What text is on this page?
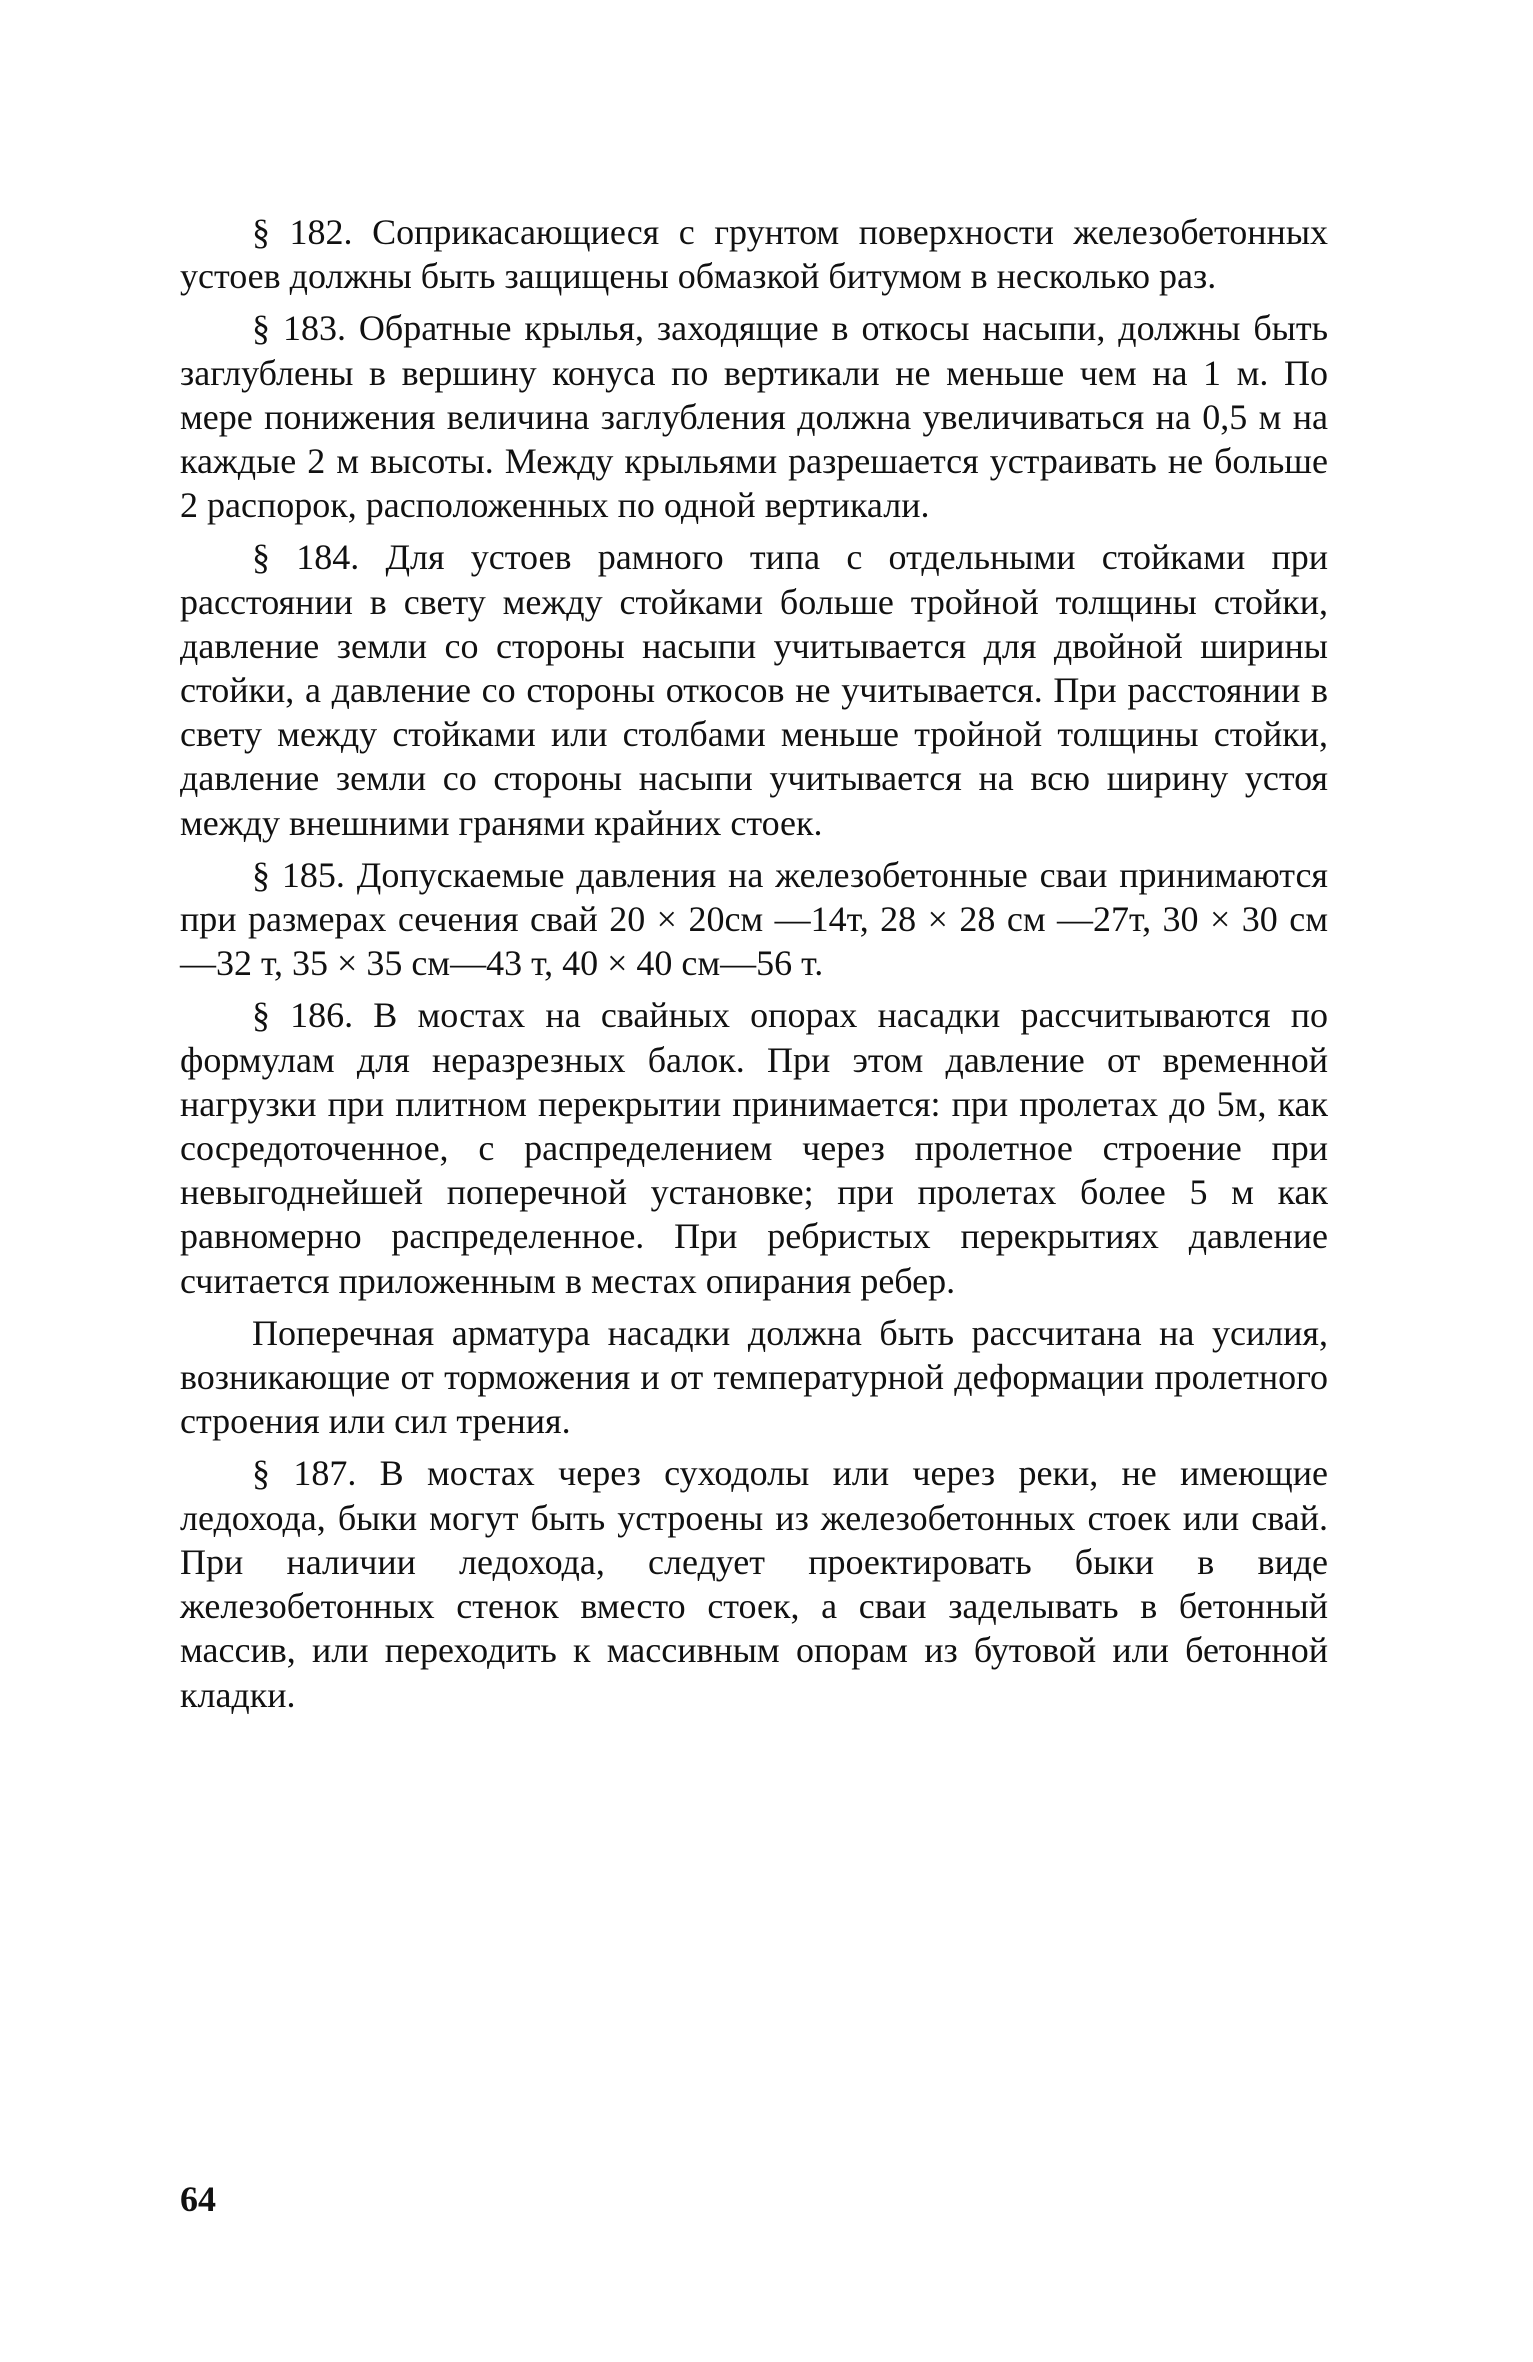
§ 182. Соприкасающиеся с грунтом поверхности железобетонных устоев должны быть защищены обмазкой битумом в несколько раз.

§ 183. Обратные крылья, заходящие в откосы насыпи, должны быть заглублены в вершину конуса по вертикали не меньше чем на 1 м. По мере понижения величина заглубления должна увеличиваться на 0,5 м на каждые 2 м высоты. Между крыльями разрешается устраивать не больше 2 распорок, расположенных по одной вертикали.

§ 184. Для устоев рамного типа с отдельными стойками при расстоянии в свету между стойками больше тройной толщины стойки, давление земли со стороны насыпи учитывается для двойной ширины стойки, а давление со стороны откосов не учитывается. При расстоянии в свету между стойками или столбами меньше тройной толщины стойки, давление земли со стороны насыпи учитывается на всю ширину устоя между внешними гранями крайних стоек.

§ 185. Допускаемые давления на железобетонные сваи принимаются при размерах сечения свай 20 × 20см —14т, 28 × 28 см —27т, 30 × 30 см —32 т, 35 × 35 см—43 т, 40 × 40 см—56 т.

§ 186. В мостах на свайных опорах насадки рассчитываются по формулам для неразрезных балок. При этом давление от временной нагрузки при плитном перекрытии принимается: при пролетах до 5м, как сосредоточенное, с распределением через пролетное строение при невыгоднейшей поперечной установке; при пролетах более 5 м как равномерно распределенное. При ребристых перекрытиях давление считается приложенным в местах опирания ребер.

Поперечная арматура насадки должна быть рассчитана на усилия, возникающие от торможения и от температурной деформации пролетного строения или сил трения.

§ 187. В мостах через суходолы или через реки, не имеющие ледохода, быки могут быть устроены из железобетонных стоек или свай. При наличии ледохода, следует проектировать быки в виде железобетонных стенок вместо стоек, а сваи заделывать в бетонный массив, или переходить к массивным опорам из бутовой или бетонной кладки.

64
